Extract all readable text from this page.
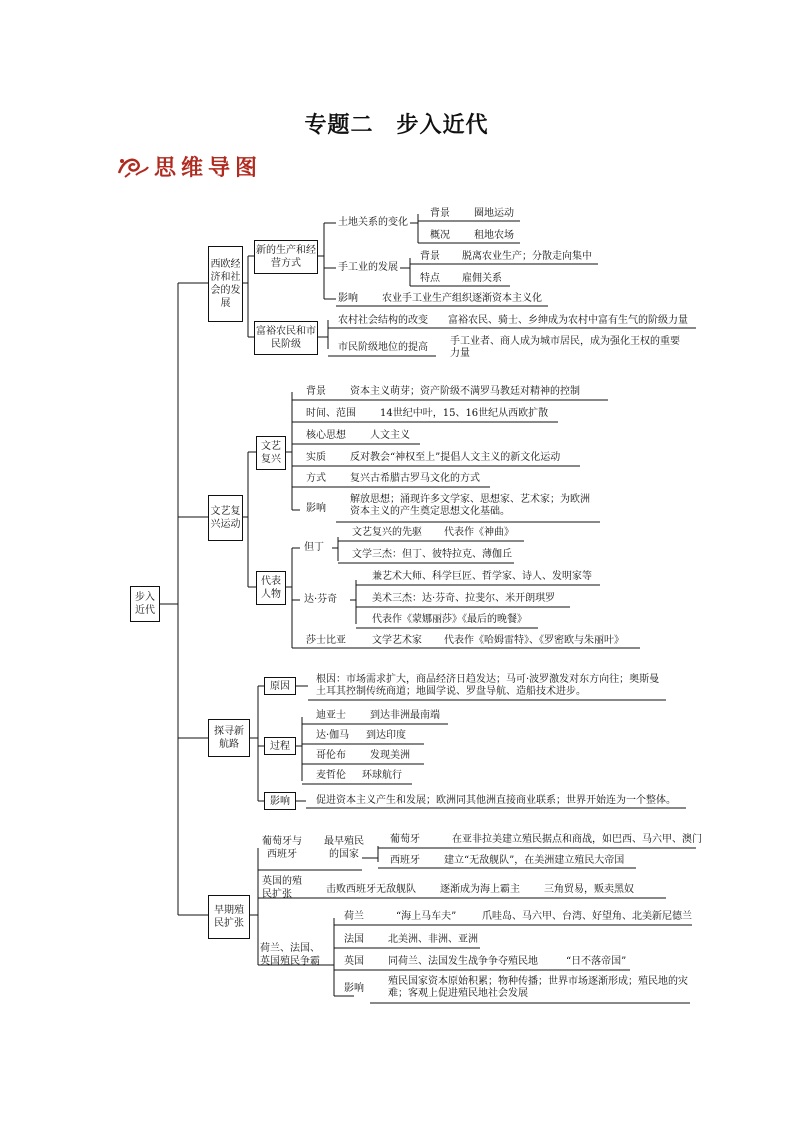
专题二　步入近代
思维导图
步入近代
西欧经济和社会的发展
新的生产和经营方式
富裕农民和市民阶级
土地关系的变化
背景 圈地运动
概况 租地农场
手工业的发展
背景 脱离农业生产；分散走向集中
特点 雇佣关系
影响 农业手工业生产组织逐渐资本主义化
农村社会结构的改变 富裕农民、骑士、乡绅成为农村中富有生气的阶级力量
市民阶级地位的提高
手工业者、商人成为城市居民，成为强化王权的重要力量
文艺复兴运动
文艺复兴
代表人物
背景 资本主义萌芽；资产阶级不满罗马教廷对精神的控制
时间、范围 14世纪中叶，15、16世纪从西欧扩散
核心思想 人文主义
实质 反对教会“神权至上”提倡人文主义的新文化运动
方式 复兴古希腊古罗马文化的方式
影响
解放思想；涌现许多文学家、思想家、艺术家；为欧洲资本主义的产生奠定思想文化基础。
但丁
文艺复兴的先驱 代表作《神曲》
文学三杰：但丁、彼特拉克、薄伽丘
达·芬奇
兼艺术大师、科学巨匠、哲学家、诗人、发明家等
美术三杰：达·芬奇、拉斐尔、米开朗琪罗
代表作《蒙娜丽莎》《最后的晚餐》
莎士比亚	文学艺术家 代表作《哈姆雷特》、《罗密欧与朱丽叶》
探寻新航路
原因
过程
影响
根因：市场需求扩大，商品经济日趋发达；马可·波罗激发对东方向往；奥斯曼土耳其控制传统商道；地圆学说、罗盘导航、造船技术进步。
迪亚士 到达非洲最南端
达·伽马 到达印度
哥伦布 发现美洲
麦哲伦 环球航行
促进资本主义产生和发展；欧洲同其他洲直接商业联系；世界开始连为一个整体。
早期殖民扩张
葡萄牙与西班牙
最早殖民的国家
葡萄牙	在亚非拉美建立殖民据点和商战，如巴西、马六甲、澳门
西班牙 建立“无敌舰队”，在美洲建立殖民大帝国
英国的殖民扩张	击败西班牙无敌舰队 逐渐成为海上霸主 三角贸易，贩卖黑奴
荷兰、法国、英国殖民争霸
荷兰	“海上马车夫”	爪哇岛、马六甲、台湾、好望角、北美新尼德兰
法国 北美洲、非洲、亚洲
英国 同荷兰、法国发生战争争夺殖民地	“日不落帝国”
影响
殖民国家资本原始积累；物种传播；世界市场逐渐形成；殖民地的灾难；客观上促进殖民地社会发展
